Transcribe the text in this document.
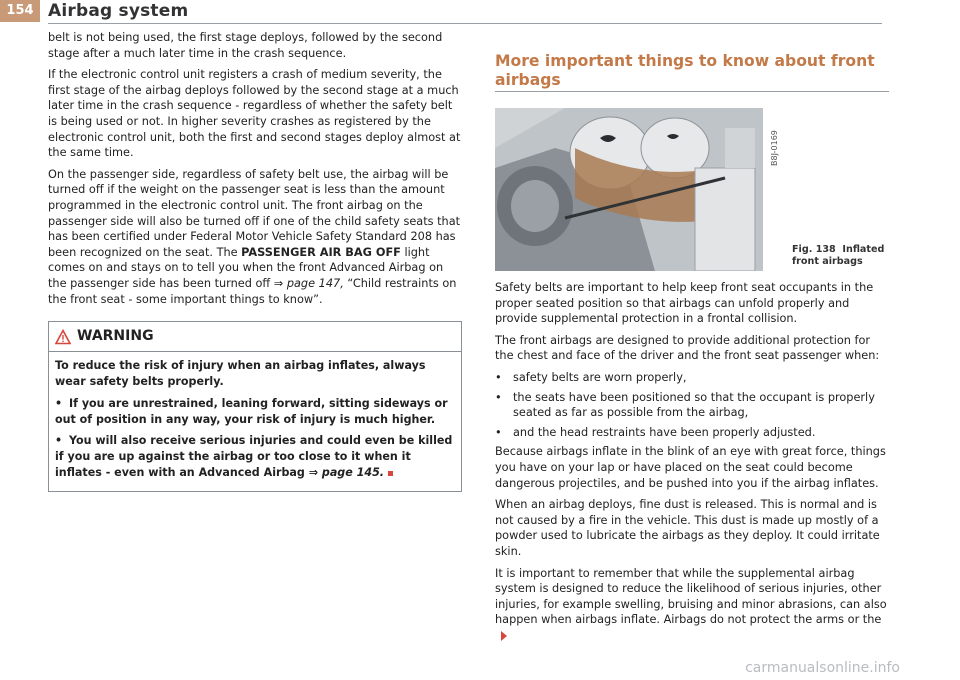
154 Airbag system

belt is not being used, the first stage deploys, followed by the second stage after a much later time in the crash sequence.

If the electronic control unit registers a crash of medium severity, the first stage of the airbag deploys followed by the second stage at a much later time in the crash sequence - regardless of whether the safety belt is being used or not. In higher severity crashes as registered by the electronic control unit, both the first and second stages deploy almost at the same time.

On the passenger side, regardless of safety belt use, the airbag will be turned off if the weight on the passenger seat is less than the amount programmed in the electronic control unit. The front airbag on the passenger side will also be turned off if one of the child safety seats that has been certified under Federal Motor Vehicle Safety Standard 208 has been recognized on the seat. The PASSENGER AIR BAG OFF light comes on and stays on to tell you when the front Advanced Airbag on the passenger side has been turned off ⇒ page 147, “Child restraints on the front seat - some important things to know”.

WARNING

To reduce the risk of injury when an airbag inflates, always wear safety belts properly.

• If you are unrestrained, leaning forward, sitting sideways or out of position in any way, your risk of injury is much higher.

• You will also receive serious injuries and could even be killed if you are up against the airbag or too close to it when it inflates - even with an Advanced Airbag ⇒ page 145.

More important things to know about front airbags
B8J-0169
Fig. 138 Inflated front airbags

Safety belts are important to help keep front seat occupants in the proper seated position so that airbags can unfold properly and provide supplemental protection in a frontal collision.

The front airbags are designed to provide additional protection for the chest and face of the driver and the front seat passenger when:

• safety belts are worn properly,
• the seats have been positioned so that the occupant is properly seated as far as possible from the airbag,
• and the head restraints have been properly adjusted.

Because airbags inflate in the blink of an eye with great force, things you have on your lap or have placed on the seat could become dangerous projectiles, and be pushed into you if the airbag inflates.

When an airbag deploys, fine dust is released. This is normal and is not caused by a fire in the vehicle. This dust is made up mostly of a powder used to lubricate the airbags as they deploy. It could irritate skin.

It is important to remember that while the supplemental airbag system is designed to reduce the likelihood of serious injuries, other injuries, for example swelling, bruising and minor abrasions, can also happen when airbags inflate. Airbags do not protect the arms or the

carmanualsonline.info
